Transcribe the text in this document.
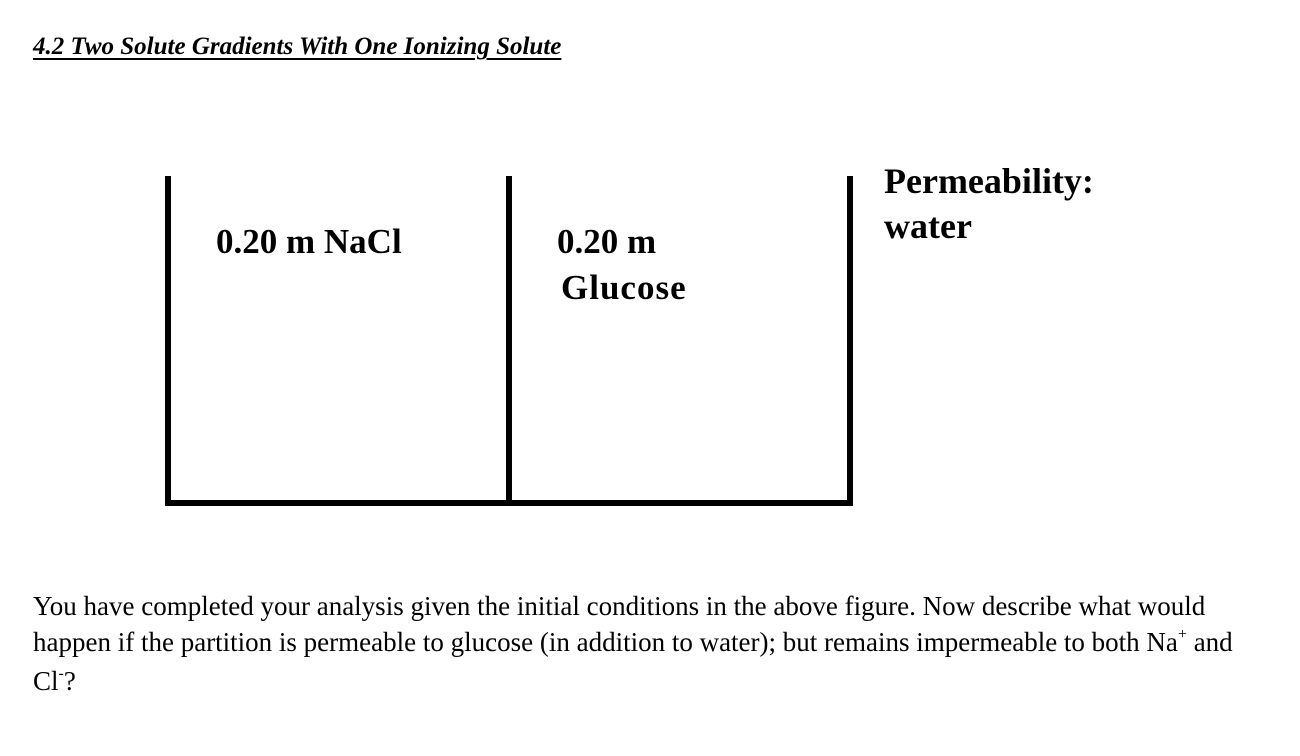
4.2 Two Solute Gradients With One Ionizing Solute
0.20 m NaCl	0.20 m
Glucose
Permeability:
water

You have completed your analysis given the initial conditions in the above figure. Now describe what would happen if the partition is permeable to glucose (in addition to water); but remains impermeable to both Na+ and Cl-?
